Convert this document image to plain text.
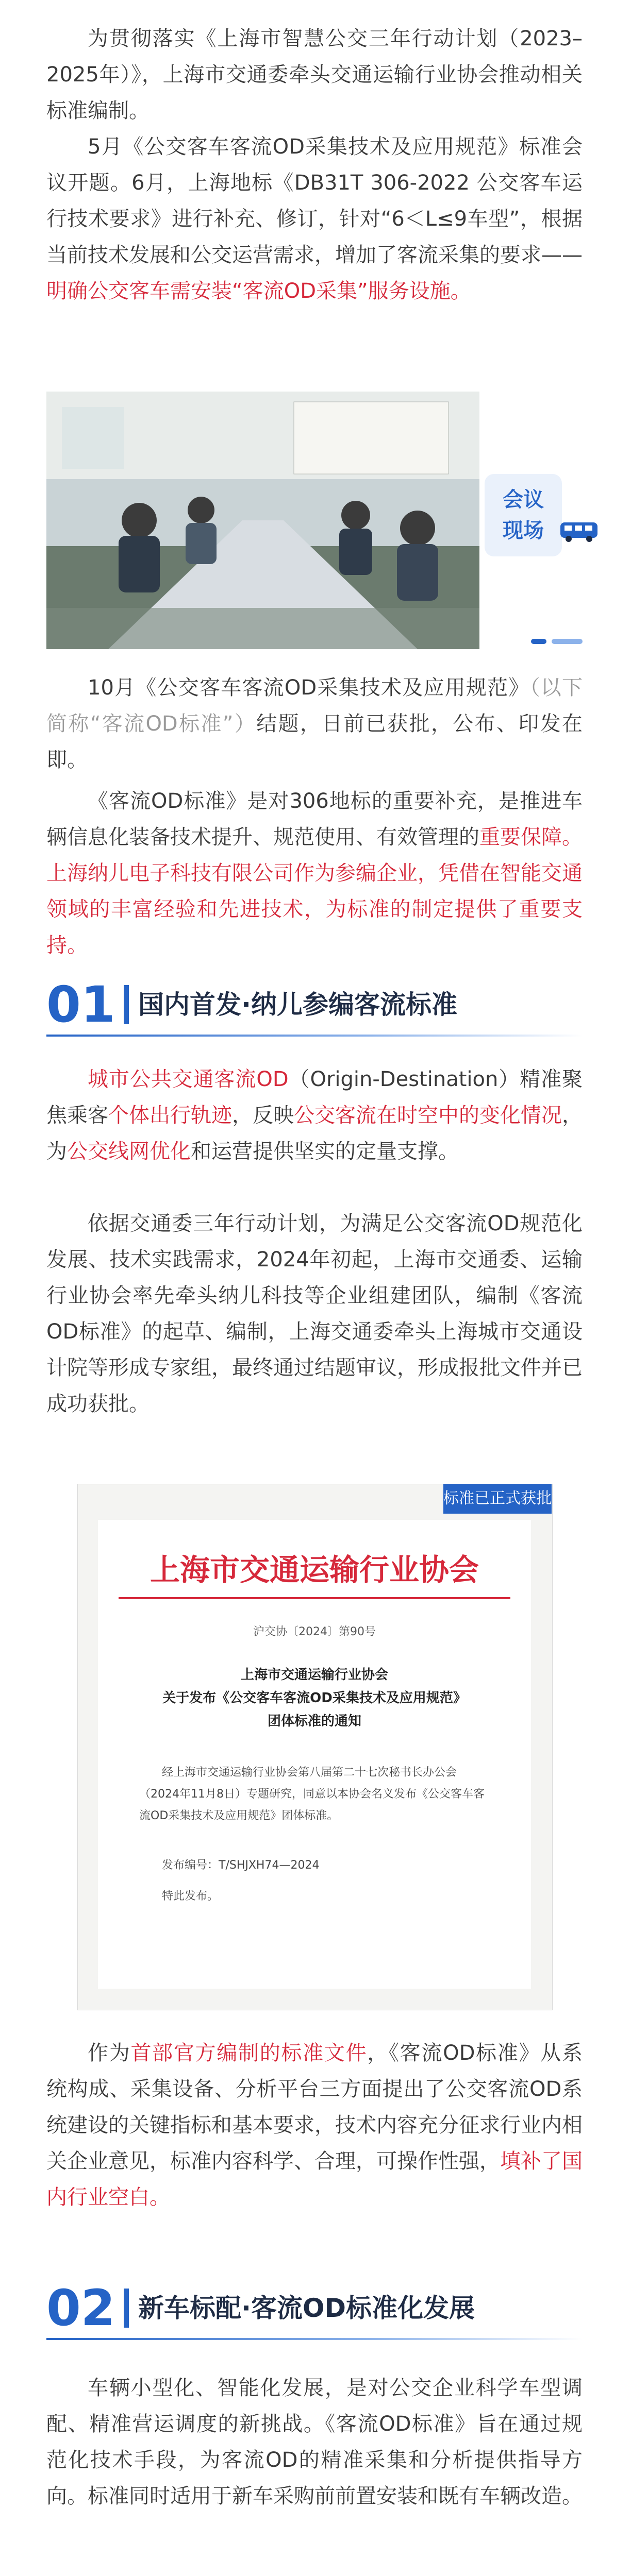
为贯彻落实《上海市智慧公交三年行动计划（2023–2025年）》，上海市交通委牵头交通运输行业协会推动相关标准编制。

5月《公交客车客流OD采集技术及应用规范》标准会议开题。6月，上海地标《DB31T 306-2022 公交客车运行技术要求》进行补充、修订，针对“6＜L≤9车型”，根据当前技术发展和公交运营需求，增加了客流采集的要求——明确公交客车需安装“客流OD采集”服务设施。

会议
现场

10月《公交客车客流OD采集技术及应用规范》（以下简称“客流OD标准”）结题，日前已获批，公布、印发在即。

《客流OD标准》是对306地标的重要补充，是推进车辆信息化装备技术提升、规范使用、有效管理的重要保障。上海纳儿电子科技有限公司作为参编企业，凭借在智能交通领域的丰富经验和先进技术，为标准的制定提供了重要支持。

01 国内首发·纳儿参编客流标准

城市公共交通客流OD（Origin-Destination）精准聚焦乘客个体出行轨迹，反映公交客流在时空中的变化情况，为公交线网优化和运营提供坚实的定量支撑。

依据交通委三年行动计划，为满足公交客流OD规范化发展、技术实践需求，2024年初起，上海市交通委、运输行业协会率先牵头纳儿科技等企业组建团队，编制《客流OD标准》的起草、编制，上海交通委牵头上海城市交通设计院等形成专家组，最终通过结题审议，形成报批文件并已成功获批。

标准已正式获批
上海市交通运输行业协会
沪交协〔2024〕第90号
上海市交通运输行业协会
关于发布《公交客车客流OD采集技术及应用规范》
团体标准的通知
经上海市交通运输行业协会第八届第二十七次秘书长办公会（2024年11月8日）专题研究，同意以本协会名义发布《公交客车客流OD采集技术及应用规范》团体标准。
发布编号：T/SHJXH74—2024
特此发布。

作为首部官方编制的标准文件，《客流OD标准》从系统构成、采集设备、分析平台三方面提出了公交客流OD系统建设的关键指标和基本要求，技术内容充分征求行业内相关企业意见，标准内容科学、合理，可操作性强，填补了国内行业空白。

02 新车标配·客流OD标准化发展

车辆小型化、智能化发展，是对公交企业科学车型调配、精准营运调度的新挑战。《客流OD标准》旨在通过规范化技术手段，为客流OD的精准采集和分析提供指导方向。标准同时适用于新车采购前前置安装和既有车辆改造。
